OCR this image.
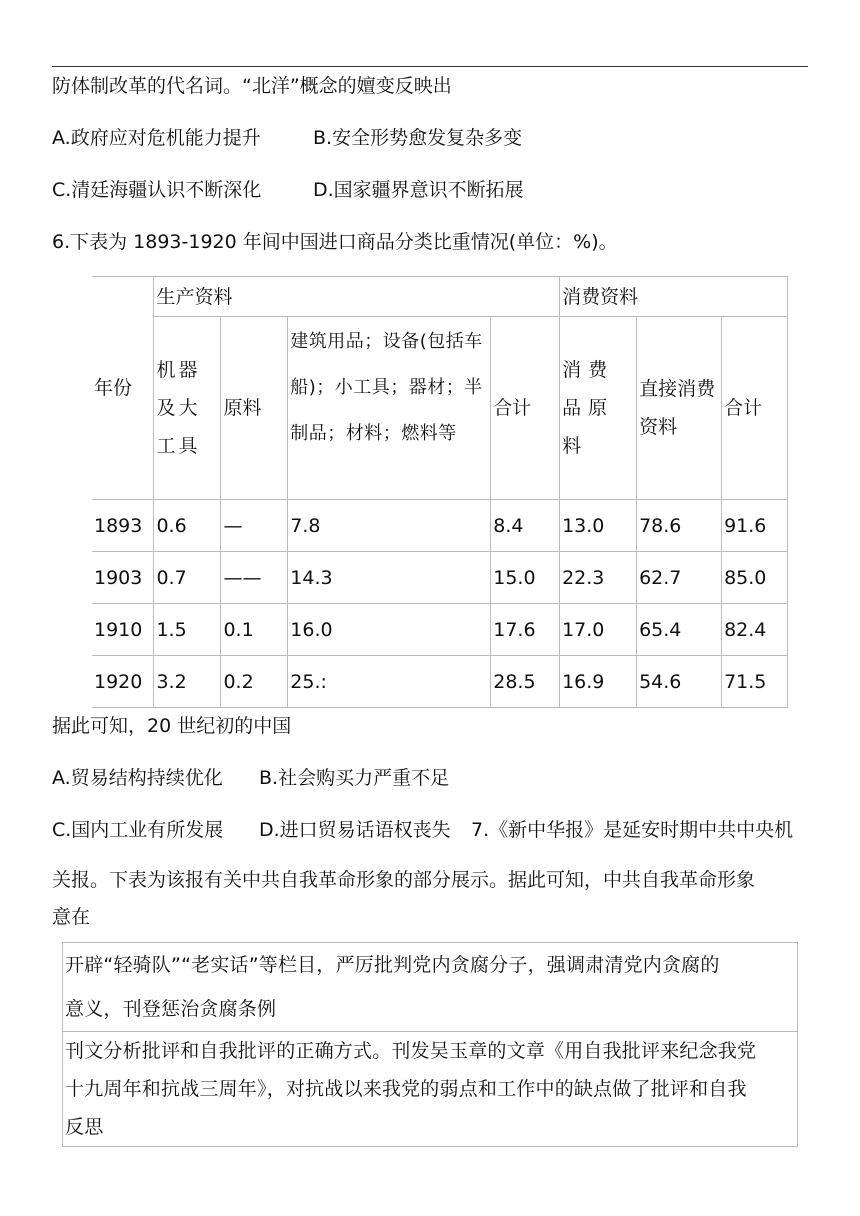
防体制改革的代名词。“北洋”概念的嬗变反映出
A.政府应对危机能力提升	B.安全形势愈发复杂多变
C.清廷海疆认识不断深化	D.国家疆界意识不断拓展
6.下表为 1893-1920 年间中国进口商品分类比重情况(单位：%)。
年份	生产资料				消费资料		
	机器及大工具	原料	建筑用品；设备(包括车船)；小工具；器材；半制品；材料；燃料等	合计	消费品原料	直接消费资料	合计
1893	0.6	—	7.8	8.4	13.0	78.6	91.6
1903	0.7	——	14.3	15.0	22.3	62.7	85.0
1910	1.5	0.1	16.0	17.6	17.0	65.4	82.4
1920	3.2	0.2	25.:	28.5	16.9	54.6	71.5
据此可知，20 世纪初的中国
A.贸易结构持续优化 B.社会购买力严重不足
C.国内工业有所发展 D.进口贸易话语权丧失 7.《新中华报》是延安时期中共中央机
关报。下表为该报有关中共自我革命形象的部分展示。据此可知，中共自我革命形象
意在
开辟“轻骑队”“老实话”等栏目，严厉批判党内贪腐分子，强调肃清党内贪腐的
意义，刊登惩治贪腐条例

刊文分析批评和自我批评的正确方式。刊发吴玉章的文章《用自我批评来纪念我党
十九周年和抗战三周年》，对抗战以来我党的弱点和工作中的缺点做了批评和自我
反思
